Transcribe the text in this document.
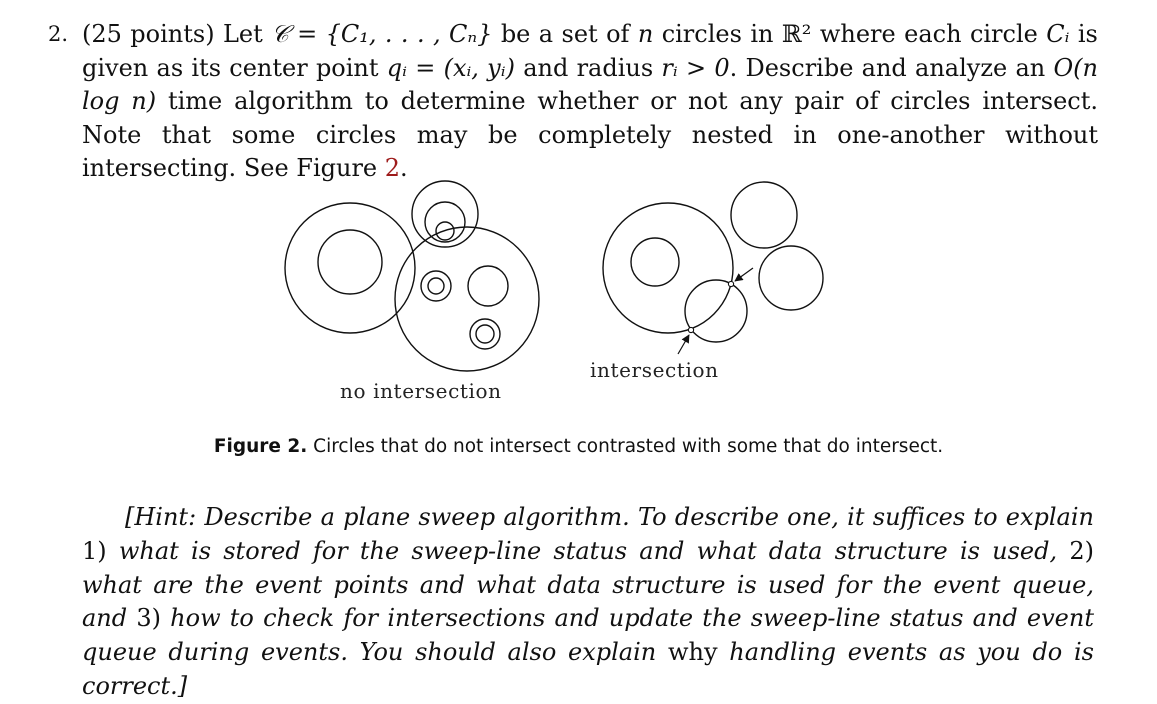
2. (25 points) Let 𝒞 = {C₁, . . . , Cₙ} be a set of n circles in ℝ² where each circle Cᵢ is given as its center point qᵢ = (xᵢ, yᵢ) and radius rᵢ > 0. Describe and analyze an O(n log n) time algorithm to determine whether or not any pair of circles intersect. Note that some circles may be completely nested in one-another without intersecting. See Figure 2.
no intersection
intersection
Figure 2. Circles that do not intersect contrasted with some that do intersect.
[Hint: Describe a plane sweep algorithm. To describe one, it suffices to explain 1) what is stored for the sweep-line status and what data structure is used, 2) what are the event points and what data structure is used for the event queue, and 3) how to check for intersections and update the sweep-line status and event queue during events. You should also explain why handling events as you do is correct.]
